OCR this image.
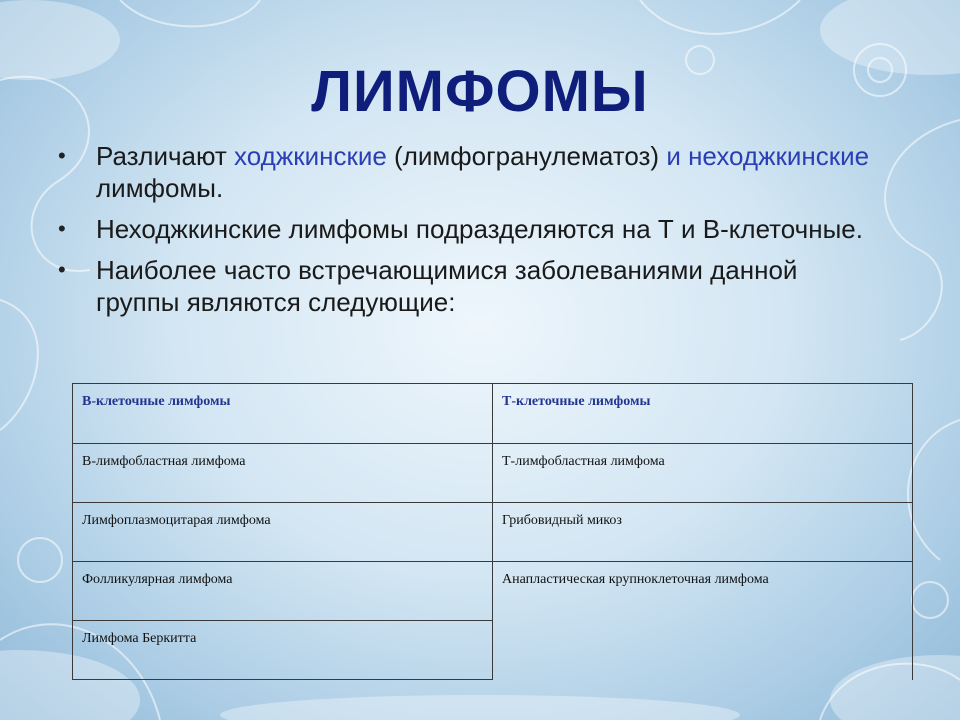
ЛИМФОМЫ
• Различают ходжкинские (лимфогранулематоз) и неходжкинские лимфомы.
• Неходжкинские лимфомы подразделяются на Т и В-клеточные.
• Наиболее часто встречающимися заболеваниями данной группы являются следующие:
В-клеточные лимфомы	Т-клеточные лимфомы
В-лимфобластная лимфома	Т-лимфобластная лимфома
Лимфоплазмоцитарая лимфома	Грибовидный микоз
Фолликулярная лимфома	Анапластическая крупноклеточная лимфома
Лимфома Беркитта	
